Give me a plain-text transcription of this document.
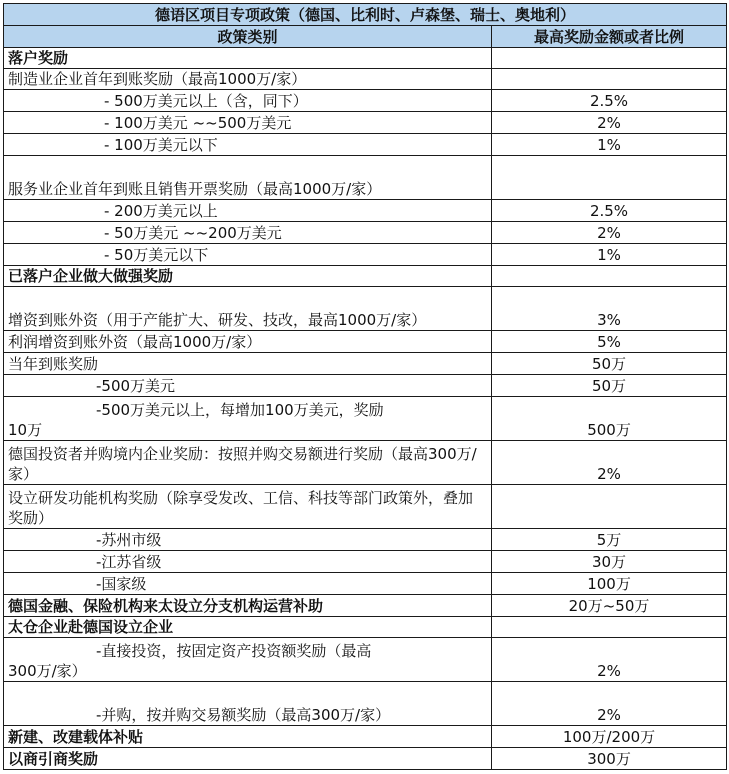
德语区项目专项政策（德国、比利时、卢森堡、瑞士、奥地利）	
政策类别	最高奖励金额或者比例
落户奖励	
制造业企业首年到账奖励（最高1000万/家）	
- 500万美元以上（含，同下）	2.5%
- 100万美元 ~~500万美元	2%
- 100万美元以下	1%
服务业企业首年到账且销售开票奖励（最高1000万/家）	
- 200万美元以上	2.5%
- 50万美元 ~~200万美元	2%
- 50万美元以下	1%
已落户企业做大做强奖励	
增资到账外资（用于产能扩大、研发、技改，最高1000万/家）	3%
利润增资到账外资（最高1000万/家）	5%
当年到账奖励	50万
-500万美元	50万

-500万美元以上，每增加100万美元，奖励
10万	500万
德国投资者并购境内企业奖励：按照并购交易额进行奖励（最高300万/家）	2%
设立研发功能机构奖励（除享受发改、工信、科技等部门政策外，叠加奖励）	
-苏州市级	5万
-江苏省级	30万
-国家级	100万
德国金融、保险机构来太设立分支机构运营补助	20万~50万
太仓企业赴德国设立企业	

-直接投资，按固定资产投资额奖励（最高
300万/家）	2%
-并购，按并购交易额奖励（最高300万/家）	2%
新建、改建载体补贴	100万/200万
以商引商奖励	300万
